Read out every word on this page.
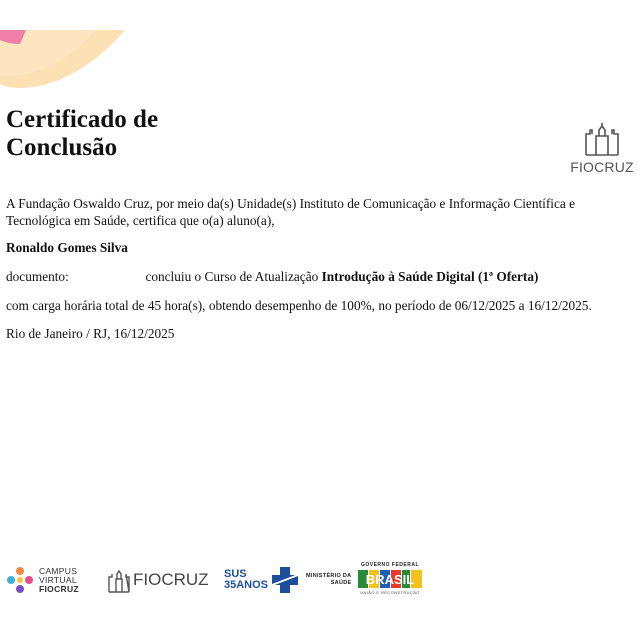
Certificado de
Conclusão
FIOCRUZ
A Fundação Oswaldo Cruz, por meio da(s) Unidade(s) Instituto de Comunicação e Informação Científica e Tecnológica em Saúde, certifica que o(a) aluno(a),
Ronaldo Gomes Silva
documento:	concluiu o Curso de Atualização Introdução à Saúde Digital (1ª Oferta)
com carga horária total de 45 hora(s), obtendo desempenho de 100%, no período de 06/12/2025 a 16/12/2025.
Rio de Janeiro / RJ, 16/12/2025
CAMPUS
VIRTUAL
FIOCRUZ	FIOCRUZ SUS
35ANOS
MINISTÉRIO DA
SAÚDE
GOVERNO FEDERAL
BRASIL
UNIÃO E RECONSTRUÇÃO
